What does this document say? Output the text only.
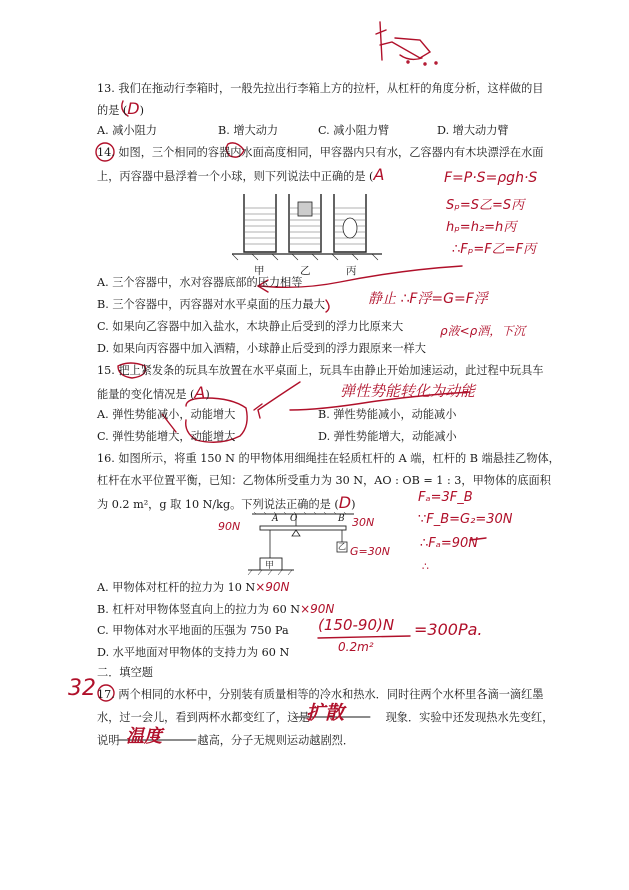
13. 我们在拖动行李箱时，一般先拉出行李箱上方的拉杆，从杠杆的角度分析，这样做的目
的是 (D)
A. 减小阻力	B. 增大动力	C. 减小阻力臂	D. 增大动力臂
14. 如图，三个相同的容器内水面高度相同，甲容器内只有水，乙容器内有木块漂浮在水面
上，丙容器中悬浮着一个小球，则下列说法中正确的是 (A
甲	乙	丙
F=P·S=ρgh·S
Sₚ=S乙=S丙
hₚ=h₂=h丙
∴Fₚ=F乙=F丙
A. 三个容器中，水对容器底部的压力相等
B. 三个容器中，丙容器对水平桌面的压力最大
C. 如果向乙容器中加入盐水，木块静止后受到的浮力比原来大
D. 如果向丙容器中加入酒精，小球静止后受到的浮力跟原来一样大
静止 ∴F浮=G=F浮
ρ液<ρ酒，下沉
15. 把上紧发条的玩具车放置在水平桌面上，玩具车由静止开始加速运动，此过程中玩具车
能量的变化情况是 (A)	弹性势能转化为动能
A. 弹性势能减小，动能增大	B. 弹性势能减小，动能减小
C. 弹性势能增大，动能增大	D. 弹性势能增大，动能减小
16. 如图所示，将重 150 N 的甲物体用细绳挂在轻质杠杆的 A 端，杠杆的 B 端悬挂乙物体，
杠杆在水平位置平衡，已知：乙物体所受重力为 30 N，AO : OB = 1 : 3，甲物体的底面积
为 0.2 m²，g 取 10 N/kg。下列说法正确的是 (D)
A O	B
甲
乙
90N	30N
G=30N
Fₐ=3F_B
∵F_B=G₂=30N
∴Fₐ=90N
∴
A. 甲物体对杠杆的拉力为 10 N×90N
B. 杠杆对甲物体竖直向上的拉力为 60 N×90N
C. 甲物体对水平地面的压强为 750 Pa
D. 水平地面对甲物体的支持力为 60 N
(150-90)N
0.2m²
=300Pa.
二．填空题
32 17. 两个相同的水杯中，分别装有质量相等的冷水和热水．同时往两个水杯里各滴一滴红墨
水，过一会儿，看到两杯水都变红了，这是	现象．实验中还发现热水先变红，
扩散
说明	越高，分子无规则运动越剧烈．
温度
